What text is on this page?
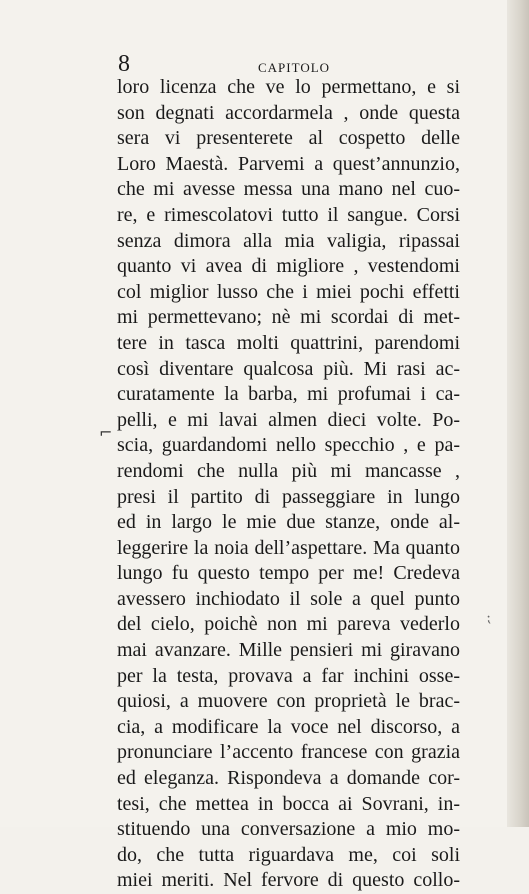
8	CAPITOLO
⌐
⁏
loro licenza che ve lo permettano, e si
son degnati accordarmela , onde questa
sera vi presenterete al cospetto delle
Loro Maestà. Parvemi a quest’annunzio,
che mi avesse messa una mano nel cuo-
re, e rimescolatovi tutto il sangue. Corsi
senza dimora alla mia valigia, ripassai
quanto vi avea di migliore , vestendomi
col miglior lusso che i miei pochi effetti
mi permettevano; nè mi scordai di met-
tere in tasca molti quattrini, parendomi
così diventare qualcosa più. Mi rasi ac-
curatamente la barba, mi profumai i ca-
pelli, e mi lavai almen dieci volte. Po-
scia, guardandomi nello specchio , e pa-
rendomi che nulla più mi mancasse ,
presi il partito di passeggiare in lungo
ed in largo le mie due stanze, onde al-
leggerire la noia dell’aspettare. Ma quanto
lungo fu questo tempo per me! Credeva
avessero inchiodato il sole a quel punto
del cielo, poichè non mi pareva vederlo
mai avanzare. Mille pensieri mi giravano
per la testa, provava a far inchini osse-
quiosi, a muovere con proprietà le brac-
cia, a modificare la voce nel discorso, a
pronunciare l’accento francese con grazia
ed eleganza. Rispondeva a domande cor-
tesi, che mettea in bocca ai Sovrani, in-
stituendo una conversazione a mio mo-
do, che tutta riguardava me, coi soli
miei meriti. Nel fervore di questo collo-
